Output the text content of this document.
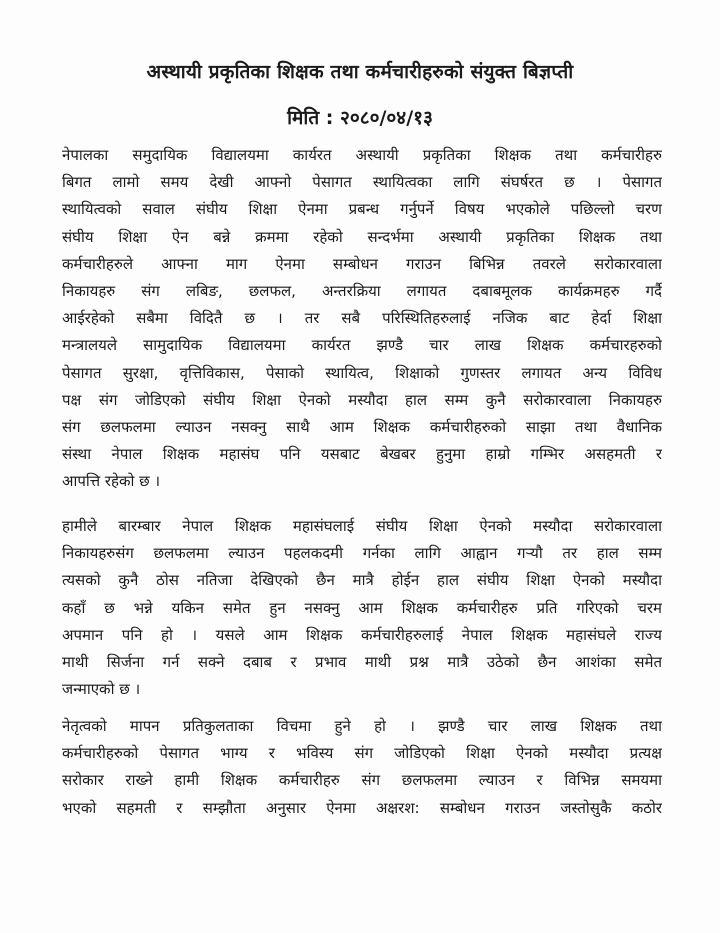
अस्थायी प्रकृतिका शिक्षक तथा कर्मचारीहरुको संयुक्त बिज्ञप्ती
मिति : २०८०/०४/१३
नेपालका समुदायिक विद्यालयमा कार्यरत अस्थायी प्रकृतिका शिक्षक तथा कर्मचारीहरु
बिगत लामो समय देखी आफ्नो पेसागत स्थायित्वका लागि संघर्षरत छ । पेसागत
स्थायित्वको सवाल संघीय शिक्षा ऐनमा प्रबन्ध गर्नुपर्ने विषय भएकोले पछिल्लो चरण
संघीय शिक्षा ऐन बन्ने क्रममा रहेको सन्दर्भमा अस्थायी प्रकृतिका शिक्षक तथा
कर्मचारीहरुले आफ्ना माग ऐनमा सम्बोधन गराउन बिभिन्न तवरले सरोकारवाला
निकायहरु संग लबिङ, छलफल, अन्तरक्रिया लगायत दबाबमूलक कार्यक्रमहरु गर्दै
आईरहेको सबैमा विदितै छ । तर सबै परिस्थितिहरुलाई नजिक बाट हेर्दा शिक्षा
मन्त्रालयले सामुदायिक विद्यालयमा कार्यरत झण्डै चार लाख शिक्षक कर्मचारहरुको
पेसागत सुरक्षा, वृत्तिविकास, पेसाको स्थायित्व, शिक्षाको गुणस्तर लगायत अन्य विविध
पक्ष संग जोडिएको संघीय शिक्षा ऐनको मस्यौदा हाल सम्म कुनै सरोकारवाला निकायहरु
संग छलफलमा ल्याउन नसक्नु साथै आम शिक्षक कर्मचारीहरुको साझा तथा वैधानिक
संस्था नेपाल शिक्षक महासंघ पनि यसबाट बेखबर हुनुमा हाम्रो गम्भिर असहमती र
आपत्ति रहेको छ ।
हामीले बारम्बार नेपाल शिक्षक महासंघलाई संघीय शिक्षा ऐनको मस्यौदा सरोकारवाला
निकायहरुसंग छलफलमा ल्याउन पहलकदमी गर्नका लागि आह्वान गर्‍यौ तर हाल सम्म
त्यसको कुनै ठोस नतिजा देखिएको छैन मात्रै होईन हाल संघीय शिक्षा ऐनको मस्यौदा
कहाँ छ भन्ने यकिन समेत हुन नसक्नु आम शिक्षक कर्मचारीहरु प्रति गरिएको चरम
अपमान पनि हो । यसले आम शिक्षक कर्मचारीहरुलाई नेपाल शिक्षक महासंघले राज्य
माथी सिर्जना गर्न सक्ने दबाब र प्रभाव माथी प्रश्न मात्रै उठेको छैन आशंका समेत
जन्माएको छ ।
नेतृत्वको मापन प्रतिकुलताका विचमा हुने हो । झण्डै चार लाख शिक्षक तथा
कर्मचारीहरुको पेसागत भाग्य र भविस्य संग जोडिएको शिक्षा ऐनको मस्यौदा प्रत्यक्ष
सरोकार राख्ने हामी शिक्षक कर्मचारीहरु संग छलफलमा ल्याउन र विभिन्न समयमा
भएको सहमती र सम्झौता अनुसार ऐनमा अक्षरश: सम्बोधन गराउन जस्तोसुकै कठोर
